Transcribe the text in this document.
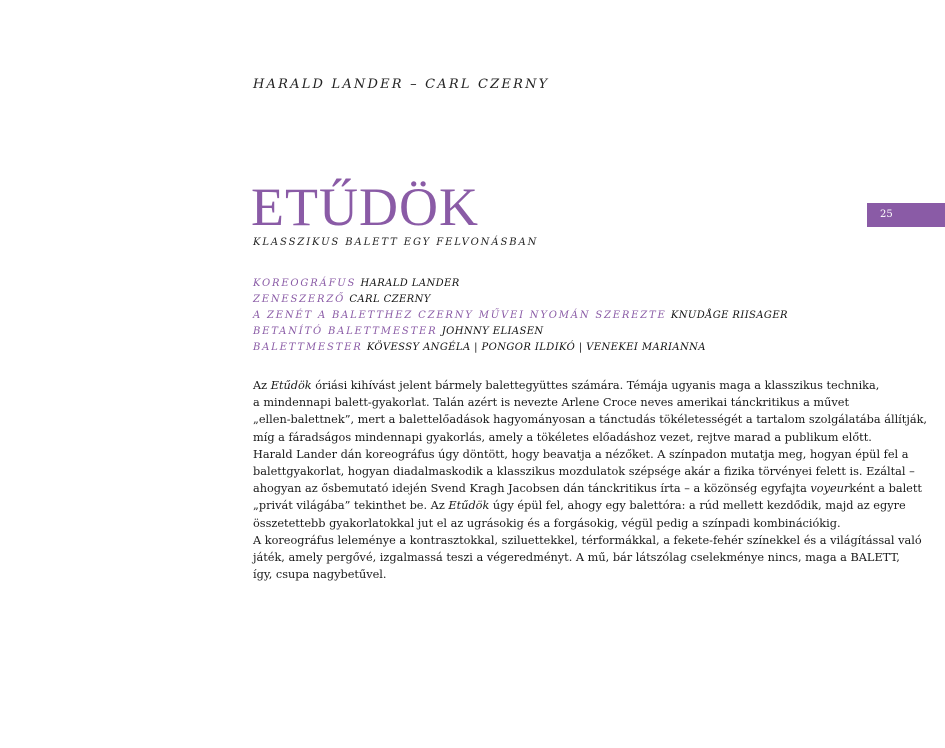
HARALD LANDER – CARL CZERNY
25
ETŰDÖK
KLASSZIKUS BALETT EGY FELVONÁSBAN
KOREOGRÁFUS HARALD LANDER
ZENESZERZŐ CARL CZERNY
A ZENÉT A BALETTHEZ CZERNY MŰVEI NYOMÁN SZEREZTE KNUDÅGE RIISAGER
BETANÍTÓ BALETTMESTER JOHNNY ELIASEN
BALETTMESTER KÖVESSY ANGÉLA | PONGOR ILDIKÓ | VENEKEI MARIANNA

Az Etűdök óriási kihívást jelent bármely balettegyüttes számára. Témája ugyanis maga a klasszikus technika,

a mindennapi balett-gyakorlat. Talán azért is nevezte Arlene Croce neves amerikai tánckritikus a művet

„ellen-balettnek”, mert a balettelőadások hagyományosan a tánctudás tökéletességét a tartalom szolgálatába állítják,

míg a fáradságos mindennapi gyakorlás, amely a tökéletes előadáshoz vezet, rejtve marad a publikum előtt.

Harald Lander dán koreográfus úgy döntött, hogy beavatja a nézőket. A színpadon mutatja meg, hogyan épül fel a

balettgyakorlat, hogyan diadalmaskodik a klasszikus mozdulatok szépsége akár a fizika törvényei felett is. Ezáltal –

ahogyan az ősbemutató idején Svend Kragh Jacobsen dán tánckritikus írta – a közönség egyfajta voyeurként a balett

„privát világába” tekinthet be. Az Etűdök úgy épül fel, ahogy egy balettóra: a rúd mellett kezdődik, majd az egyre

összetettebb gyakorlatokkal jut el az ugrásokig és a forgásokig, végül pedig a színpadi kombinációkig.

A koreográfus leleménye a kontrasztokkal, sziluettekkel, térformákkal, a fekete-fehér színekkel és a világítással való

játék, amely pergővé, izgalmassá teszi a végeredményt. A mű, bár látszólag cselekménye nincs, maga a BALETT,

így, csupa nagybetűvel.
